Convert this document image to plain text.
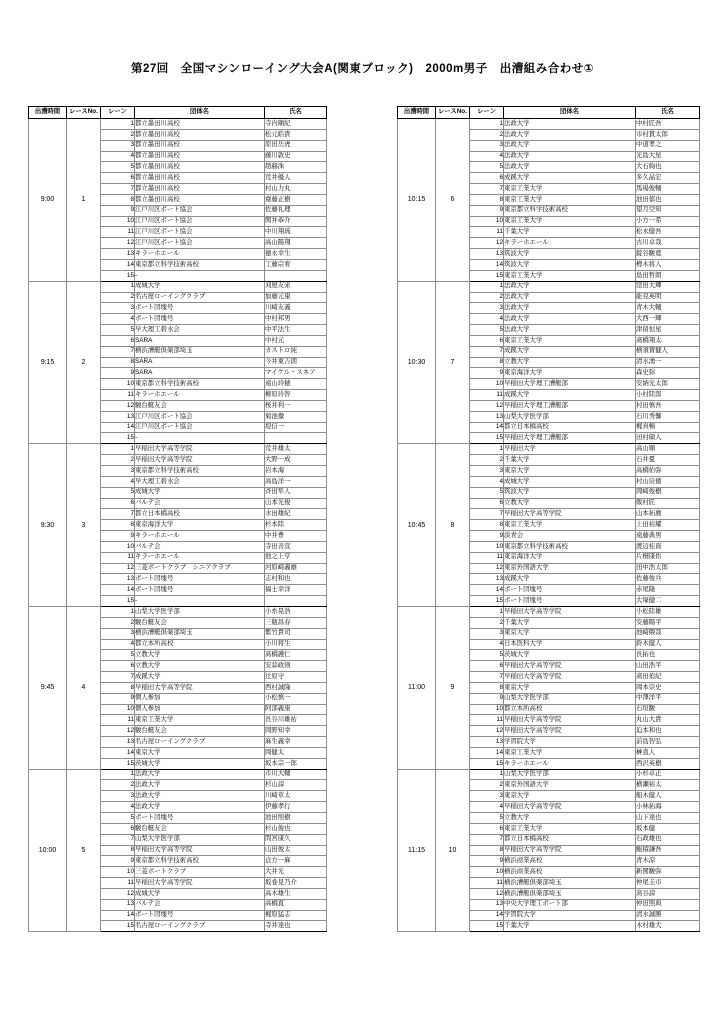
第27回　全国マシンローイング大会A(関東ブロック)　2000m男子　出漕組み合わせ①
出漕時間	レースNo.	レーン	団体名	氏名
9:00	1	1	都立墨田川高校	寺内順紀
		2	都立墨田川高校	松元皓貴
		3	都立墨田川高校	原田岳虎
		4	都立墨田川高校	藤川敦史
		5	都立墨田川高校	趙赫洙
		6	都立墨田川高校	荒井優人
		7	都立墨田川高校	村山力丸
		8	都立墨田川高校	齋藤正樹
		9	江戸川区ボート協会	佐藤礼理
		10	江戸川区ボート協会	関井恭介
		11	江戸川区ボート協会	中川翔琉
		12	江戸川区ボート協会	高山陽翔
		13	キラーホエール	徳永幸生
		14	東京都立科学技術高校	工藤宗宥
		15	-	
9:15	2	1	成城大学	刈屋友来
		2	名古屋ローイングクラブ	加藤元康
		3	ボート団塊号	川崎友義
		4	ボート団塊号	中村邦男
		5	早大理工碧水会	中平法生
		6	SARA	中村元
		7	横浜漕艇倶楽部埼玉	カストロ純
		8	SARA	今井東吉朗
		9	SARA	マイケル・スネア
		10	東京都立科学技術高校	遠山玲穂
		11	キラーホエール	柳原玲智
		12	駿台艇友会	桜井利一
		13	江戸川区ボート協会	菊池徹
		14	江戸川区ボート協会	堤信一
		15	-	
9:30	3	1	早稲田大学高等学院	荒井雄太
		2	早稲田大学高等学院	大野一成
		3	東京都立科学技術高校	岩本海
		4	早大理工碧水会	高島洋一
		5	成城大学	斉田隼人
		6	バルテ会	山本光俊
		7	都立日本橋高校	水田雄紀
		8	東京海洋大学	杉本陸
		9	キラーホエール	中井豊
		10	バルテ会	寺田善宣
		11	キラーホエール	池之上亨
		12	三菱ボートクラブ　シニアクラブ	河原崎義雄
		13	ボート団塊号	志村和也
		14	ボート団塊号	福士幸洋
		15	-	
9:45	4	1	山梨大学医学部	小糸晃浩
		2	駿台艇友会	三瓶昌春
		3	横浜漕艇倶楽部埼玉	紫竹貴司
		4	都立本所高校	小川将生
		5	立教大学	髙橋護仁
		6	立教大学	安蒜政則
		7	成蹊大学	辻原守
		8	早稲田大学高等学院	西村誠隆
		9	個人参加	小松慎一
		10	個人参加	阿部義康
		11	東京工業大学	長谷川雄祐
		12	駿台艇友会	岡野知幸
		13	名古屋ローイングクラブ	麻生義幸
		14	東京大学	岡健太
		15	茨城大学	坂本宗一郎
10:00	5	1	法政大学	市川大輔
		2	法政大学	杉山諒
		3	法政大学	川崎草太
		4	法政大学	伊藤孝行
		5	ボート団塊号	池田照樹
		6	駿台艇友会	杉山俊也
		7	山梨大学医学部	間宮康久
		8	早稲田大学高等学院	山田俊太
		9	東京都立科学技術高校	貞方一麻
		10	三菱ボートクラブ	大井光
		11	早稲田大学高等学院	坂巻見乃介
		12	成城大学	高木雄生
		13	バルテ会	高橋直
		14	ボート団塊号	梶原猛志
		15	名古屋ローイングクラブ	寺井達也
出漕時間	レースNo.	レーン	団体名	氏名
10:15	6	1	法政大学	中村匠吾
		2	法政大学	市村貫太郎
		3	法政大学	中道孝之
		4	法政大学	光島大星
		5	法政大学	大石絢也
		6	成蹊大学	多久晶宏
		7	東京工業大学	馬場俊輔
		8	東京工業大学	池田郁也
		9	東京都立科学技術高校	望月空知
		10	東京工業大学	小方一希
		11	千葉大学	松永健吾
		12	キラーホエール	古川卓哉
		13	筑波大学	錠谷駿寛
		14	筑波大学	樽木将人
		15	東京工業大学	島田哲朗
10:30	7	1	法政大学	窪田大輝
		2	法政大学	能見英明
		3	法政大学	青木大輔
		4	法政大学	大西一輝
		5	法政大学	津留恒星
		6	東京工業大学	髙橋翔太
		7	成蹊大学	横須賀健人
		8	立教大学	清水湧一
		9	東京海洋大学	森史弥
		10	早稲田大学理工漕艇部	安納光太郎
		11	成蹊大学	小村陸郎
		12	早稲田大学理工漕艇部	村田慎吾
		13	山梨大学医学部	石川秀馨
		14	都立日本橋高校	梶真暢
		15	早稲田大学理工漕艇部	田村碩人
10:45	8	1	早稲田大学	高山順
		2	千葉大学	石井憂
		3	東京大学	高橋佑弥
		4	成城大学	村山辰徳
		5	筑波大学	岡崎俊樹
		6	立教大学	飯村匠
		7	早稲田大学高等学院	山本拓麿
		8	東京工業大学	上田裕耀
		9	淡青会	遠藤典男
		10	東京都立科学技術高校	渡辺桂資
		11	東京海洋大学	片桐康佑
		12	東京外国語大学	田中浩太郎
		13	成蹊大学	佐藤俊兵
		14	ボート団塊号	赤尾隆
		15	ボート団塊号	大塚健二
11:00	9	1	早稲田大学高等学院	小松陸雄
		2	千葉大学	安藤陽平
		3	東京大学	池崎隈哉
		4	日本医科大学	鈴木健人
		5	茨城大学	長拓也
		6	早稲田大学高等学院	山田浩平
		7	早稲田大学高等学院	髙田侑紀
		8	東京大学	岡本崇史
		9	山梨大学医学部	中澤洋平
		10	都立本所高校	石垣駿
		11	早稲田大学高等学院	丸山大貴
		12	早稲田大学高等学院	迫本和也
		13	学習院大学	前島智弘
		14	東京工業大学	榊直人
		15	キラーホエール	西沢英樹
11:15	10	1	山梨大学医学部	小杉卓正
		2	東京外国語大学	横瀬裕太
		3	東京大学	船木健人
		4	早稲田大学高等学院	小林拓海
		5	立教大学	山下達也
		6	東京工業大学	坂本健
		7	都立日本橋高校	石政雄也
		8	早稲田大学高等学院	鮑積謙吾
		9	横浜商業高校	青木涼
		10	横浜商業高校	新関駿弥
		11	横浜漕艇倶楽部埼玉	仲尾圭市
		12	横浜漕艇倶楽部埼玉	髙谷諒
		13	中央大学理工ボート部	仲田照典
		14	学習院大学	清水誠勝
		15	千葉大学	木村雄大
